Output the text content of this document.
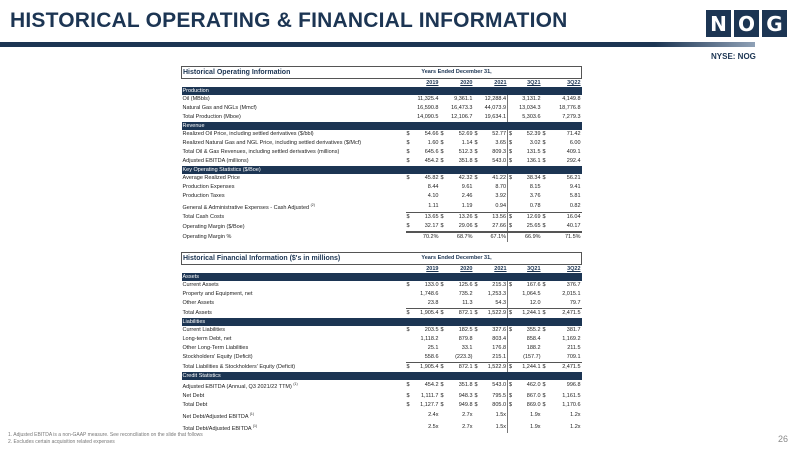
HISTORICAL OPERATING & FINANCIAL INFORMATION	N O G
NYSE: NOG
Historical Operating Information	Years Ended December 31,									
		2019		2020		2021		3Q21		3Q22
Production										
Oil (MBbls)		11,325.4		9,361.1		12,288.4		3,131.2		4,149.8
Natural Gas and NGLs (Mmcf)		16,590.8		16,473.3		44,073.9		13,034.3		18,776.8
Total Production (Mboe)		14,090.5		12,106.7		19,634.1		5,303.6		7,279.3
Revenue										
Realized Oil Price, including settled derivatives ($/bbl)	$	54.66	$	52.69	$	52.77	$	52.39	$	71.42
Realized Natural Gas and NGL Price, including settled derivatives ($/Mcf)	$	1.60	$	1.14	$	3.65	$	3.02	$	6.00
Total Oil & Gas Revenues, including settled derivatives (millions)	$	645.6	$	512.3	$	809.3	$	131.5	$	409.1
Adjusted EBITDA (millions)	$	454.2	$	351.8	$	543.0	$	136.1	$	292.4
Key Operating Statistics ($/Boe)										
Average Realized Price	$	45.82	$	42.32	$	41.22	$	38.34	$	56.21
Production Expenses		8.44		9.61		8.70		8.15		9.41
Production Taxes		4.10		2.46		3.92		3.76		5.81
General & Administrative Expenses - Cash Adjusted $^{(2)}$		1.11		1.19		0.94		0.78		0.82
Total Cash Costs	$	13.65	$	13.26	$	13.56	$	12.69	$	16.04
Operating Margin ($/Boe)	$	32.17	$	29.06	$	27.66	$	25.65	$	40.17
Operating Margin %		70.2%		68.7%		67.1%		66.9%		71.5%
Historical Financial Information ($'s in millions)	Years Ended December 31,									
		2019		2020		2021		3Q21		3Q22
Assets										
Current Assets	$	133.0	$	125.6	$	215.3	$	167.6	$	376.7
Property and Equipment, net		1,748.6		735.2		1,253.3		1,064.5		2,015.1
Other Assets		23.8		11.3		54.3		12.0		79.7
Total Assets	$	1,905.4	$	872.1	$	1,522.9	$	1,244.1	$	2,471.5
Liabilities										
Current Liabilities	$	203.5	$	182.5	$	327.6	$	355.2	$	381.7
Long-term Debt, net		1,118.2		879.8		803.4		858.4		1,169.2
Other Long-Term Liabilities		25.1		33.1		176.8		188.2		211.5
Stockholders' Equity (Deficit)		558.6		(223.3)		215.1		(157.7)		709.1
Total Liabilities & Stockholders' Equity (Deficit)	$	1,905.4	$	872.1	$	1,522.9	$	1,244.1	$	2,471.5
Credit Statistics										
Adjusted EBITDA (Annual, Q3 2021/22 TTM) $^{(1)}$	$	454.2	$	351.8	$	543.0	$	462.0	$	996.8
Net Debt	$	1,111.7	$	948.3	$	795.5	$	867.0	$	1,161.5
Total Debt	$	1,127.7	$	949.8	$	805.0	$	869.0	$	1,170.6
Net Debt/Adjusted EBITDA $^{(1)}$		2.4x		2.7x		1.5x		1.9x		1.2x
Total Debt/Adjusted EBITDA $^{(1)}$		2.5x		2.7x		1.5x		1.9x		1.2x
1. Adjusted EBITDA is a non-GAAP measure. See reconciliation on the slide that follows
2. Excludes certain acquisition related expenses	26
